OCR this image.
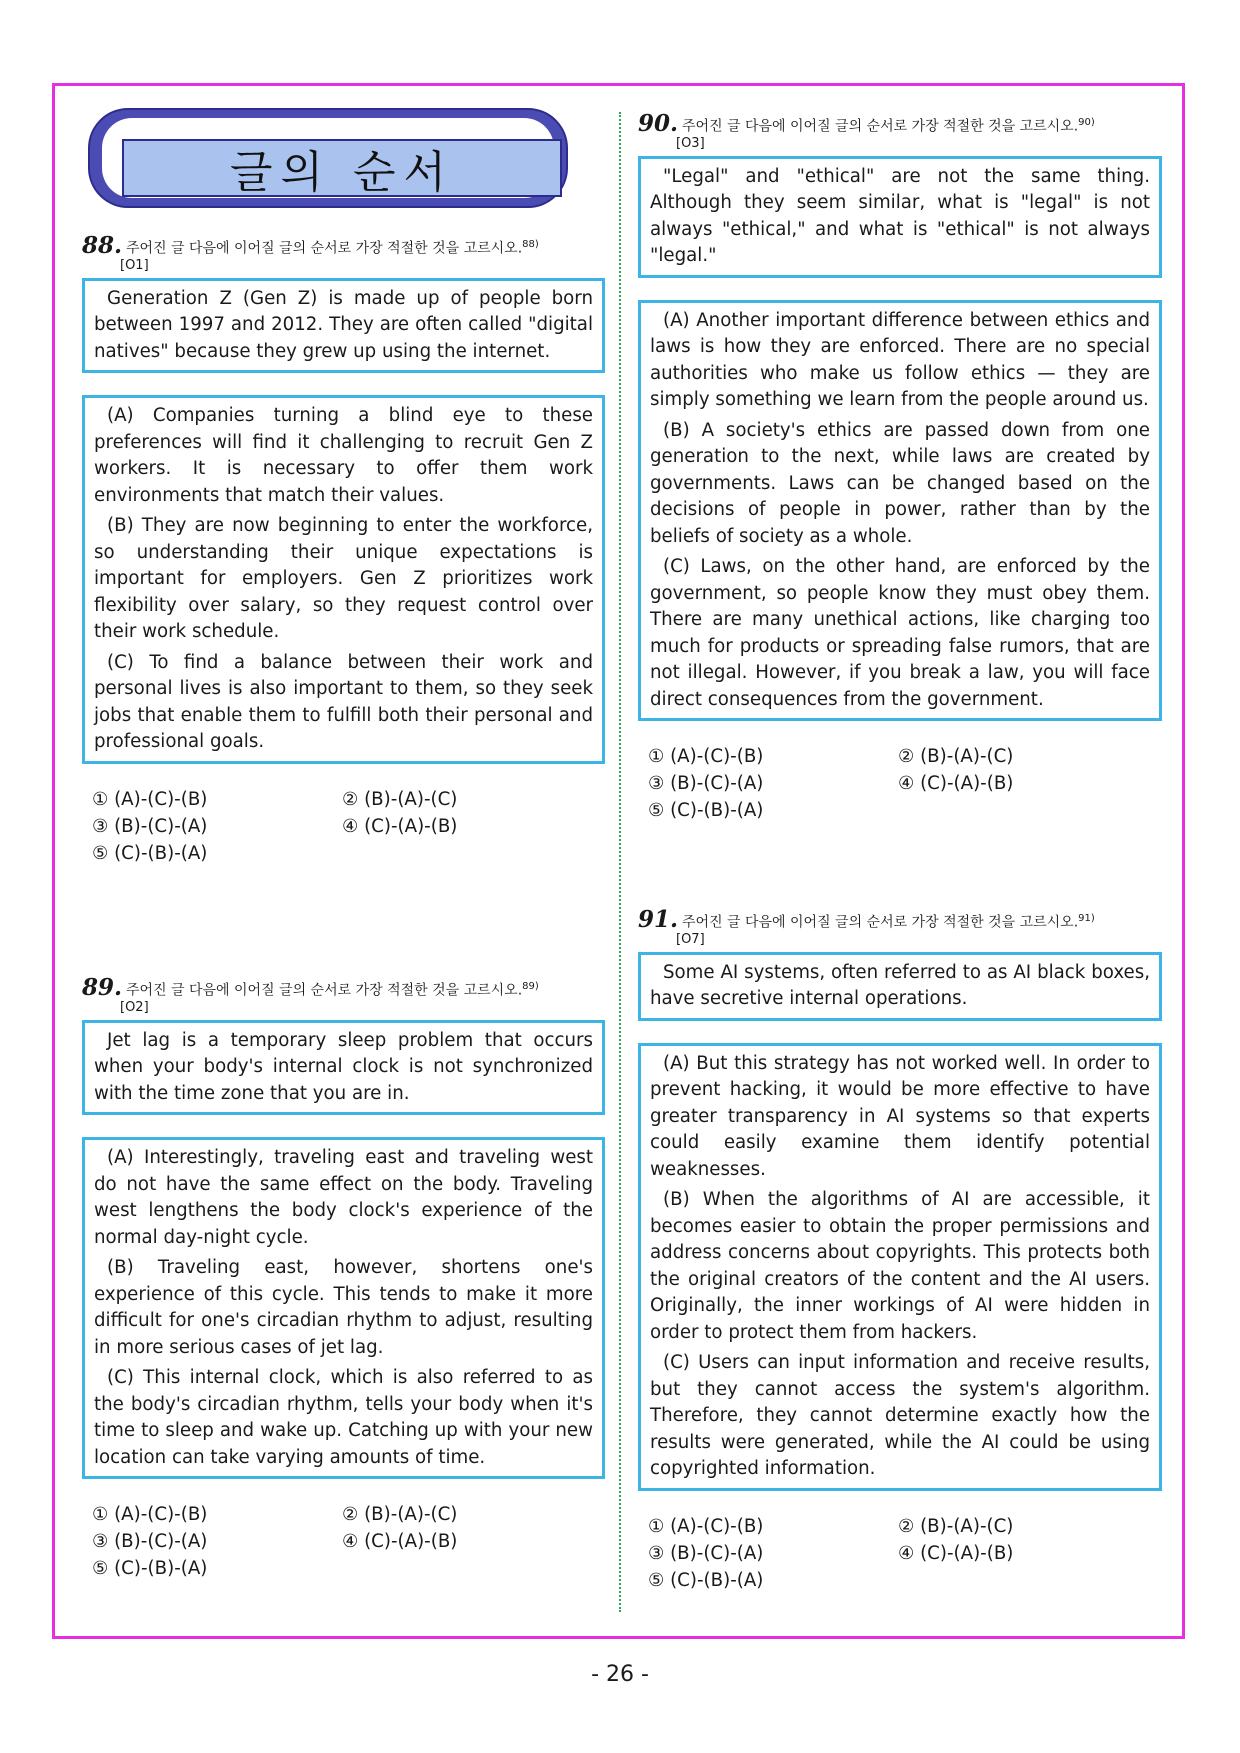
글의 순서
88. 주어진 글 다음에 이어질 글의 순서로 가장 적절한 것을 고르시오.$^{88)}$
[O1]

Generation Z (Gen Z) is made up of people born between 1997 and 2012. They are often called "digital natives" because they grew up using the internet.

(A) Companies turning a blind eye to these preferences will find it challenging to recruit Gen Z workers. It is necessary to offer them work environments that match their values.

(B) They are now beginning to enter the workforce, so understanding their unique expectations is important for employers. Gen Z prioritizes work flexibility over salary, so they request control over their work schedule.

(C) To find a balance between their work and personal lives is also important to them, so they seek jobs that enable them to fulfill both their personal and professional goals.

① (A)-(C)-(B)	② (B)-(A)-(C)
③ (B)-(C)-(A)	④ (C)-(A)-(B)
⑤ (C)-(B)-(A)
89. 주어진 글 다음에 이어질 글의 순서로 가장 적절한 것을 고르시오.$^{89)}$
[O2]

Jet lag is a temporary sleep problem that occurs when your body's internal clock is not synchronized with the time zone that you are in.

(A) Interestingly, traveling east and traveling west do not have the same effect on the body. Traveling west lengthens the body clock's experience of the normal day-night cycle.

(B) Traveling east, however, shortens one's experience of this cycle. This tends to make it more difficult for one's circadian rhythm to adjust, resulting in more serious cases of jet lag.

(C) This internal clock, which is also referred to as the body's circadian rhythm, tells your body when it's time to sleep and wake up. Catching up with your new location can take varying amounts of time.

① (A)-(C)-(B)	② (B)-(A)-(C)
③ (B)-(C)-(A)	④ (C)-(A)-(B)
⑤ (C)-(B)-(A)
90. 주어진 글 다음에 이어질 글의 순서로 가장 적절한 것을 고르시오.$^{90)}$
[O3]

"Legal" and "ethical" are not the same thing. Although they seem similar, what is "legal" is not always "ethical," and what is "ethical" is not always "legal."

(A) Another important difference between ethics and laws is how they are enforced. There are no special authorities who make us follow ethics — they are simply something we learn from the people around us.

(B) A society's ethics are passed down from one generation to the next, while laws are created by governments. Laws can be changed based on the decisions of people in power, rather than by the beliefs of society as a whole.

(C) Laws, on the other hand, are enforced by the government, so people know they must obey them. There are many unethical actions, like charging too much for products or spreading false rumors, that are not illegal. However, if you break a law, you will face direct consequences from the government.

① (A)-(C)-(B)	② (B)-(A)-(C)
③ (B)-(C)-(A)	④ (C)-(A)-(B)
⑤ (C)-(B)-(A)
91. 주어진 글 다음에 이어질 글의 순서로 가장 적절한 것을 고르시오.$^{91)}$
[O7]

Some AI systems, often referred to as AI black boxes, have secretive internal operations.

(A) But this strategy has not worked well. In order to prevent hacking, it would be more effective to have greater transparency in AI systems so that experts could easily examine them identify potential weaknesses.

(B) When the algorithms of AI are accessible, it becomes easier to obtain the proper permissions and address concerns about copyrights. This protects both the original creators of the content and the AI users. Originally, the inner workings of AI were hidden in order to protect them from hackers.

(C) Users can input information and receive results, but they cannot access the system's algorithm. Therefore, they cannot determine exactly how the results were generated, while the AI could be using copyrighted information.

① (A)-(C)-(B)	② (B)-(A)-(C)
③ (B)-(C)-(A)	④ (C)-(A)-(B)
⑤ (C)-(B)-(A)
- 26 -
